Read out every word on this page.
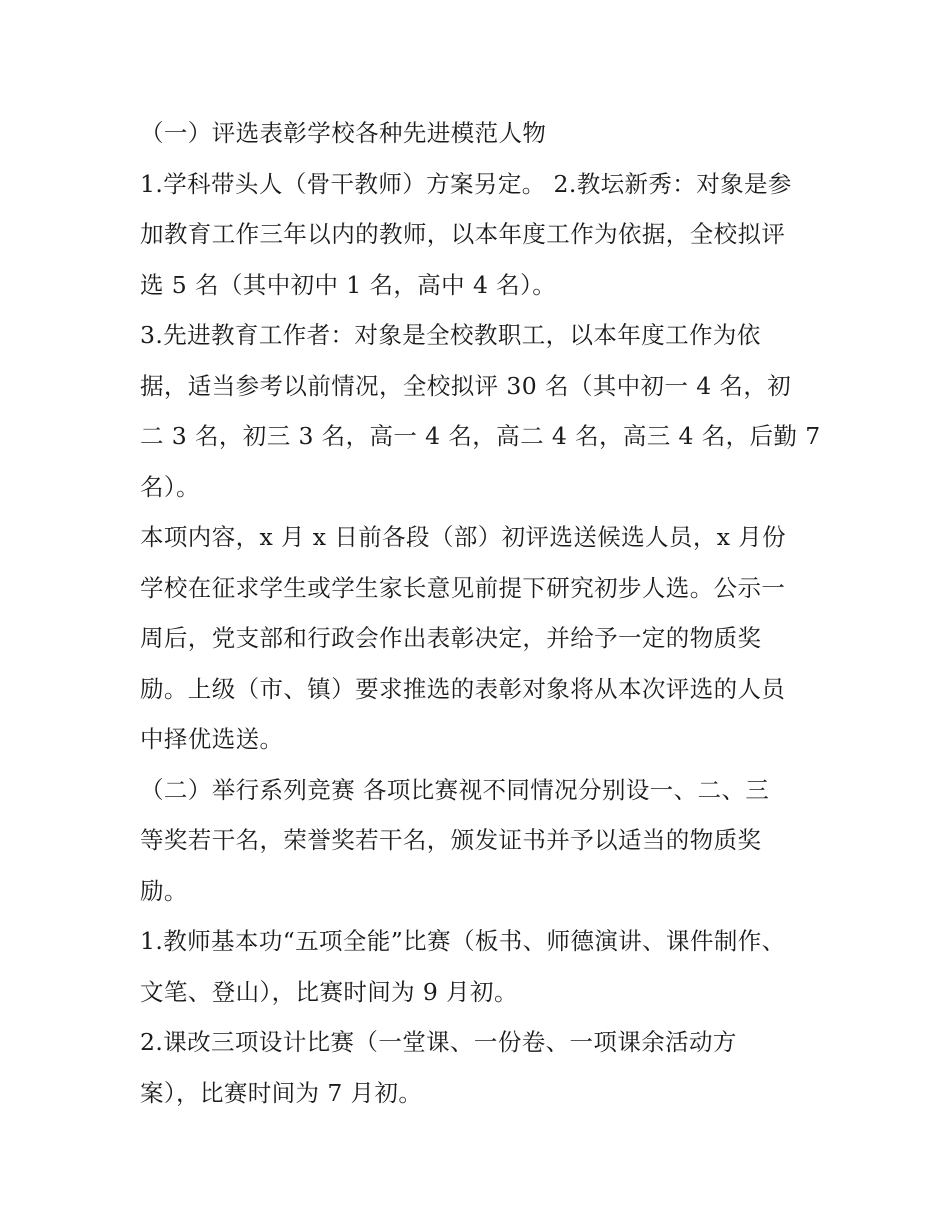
（一）评选表彰学校各种先进模范人物
1.学科带头人（骨干教师）方案另定。 2.教坛新秀：对象是参
加教育工作三年以内的教师，以本年度工作为依据，全校拟评
选 5 名（其中初中 1 名，高中 4 名）。
3.先进教育工作者：对象是全校教职工，以本年度工作为依
据，适当参考以前情况，全校拟评 30 名（其中初一 4 名，初
二 3 名，初三 3 名，高一 4 名，高二 4 名，高三 4 名，后勤 7
名）。
本项内容，x 月 x 日前各段（部）初评选送候选人员，x 月份
学校在征求学生或学生家长意见前提下研究初步人选。公示一
周后，党支部和行政会作出表彰决定，并给予一定的物质奖
励。上级（市、镇）要求推选的表彰对象将从本次评选的人员
中择优选送。
（二）举行系列竞赛 各项比赛视不同情况分别设一、二、三
等奖若干名，荣誉奖若干名，颁发证书并予以适当的物质奖
励。
1.教师基本功“五项全能”比赛（板书、师德演讲、课件制作、
文笔、登山），比赛时间为 9 月初。
2.课改三项设计比赛（一堂课、一份卷、一项课余活动方
案），比赛时间为 7 月初。
